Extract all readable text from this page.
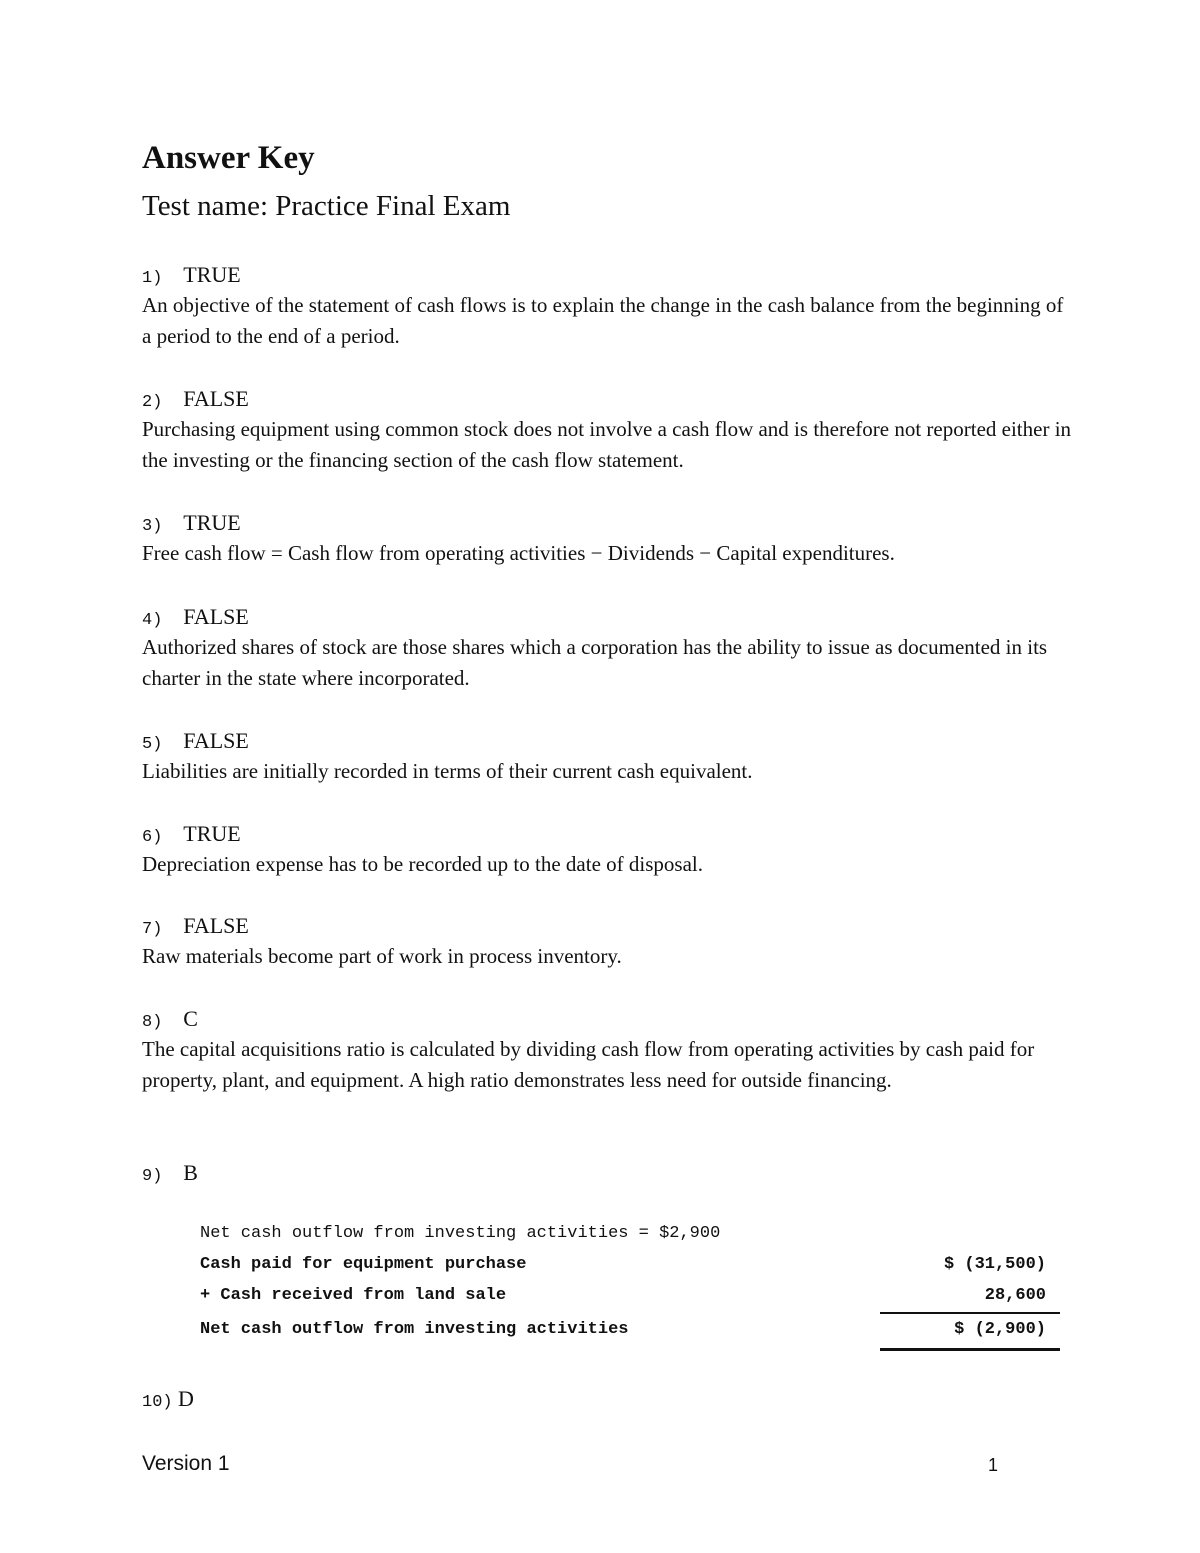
Answer Key
Test name: Practice Final Exam
1) TRUE
An objective of the statement of cash flows is to explain the change in the cash balance from the beginning of a period to the end of a period.
2) FALSE
Purchasing equipment using common stock does not involve a cash flow and is therefore not reported either in the investing or the financing section of the cash flow statement.
3) TRUE
Free cash flow = Cash flow from operating activities − Dividends − Capital expenditures.
4) FALSE
Authorized shares of stock are those shares which a corporation has the ability to issue as documented in its charter in the state where incorporated.
5) FALSE
Liabilities are initially recorded in terms of their current cash equivalent.
6) TRUE
Depreciation expense has to be recorded up to the date of disposal.
7) FALSE
Raw materials become part of work in process inventory.
8) C
The capital acquisitions ratio is calculated by dividing cash flow from operating activities by cash paid for property, plant, and equipment. A high ratio demonstrates less need for outside financing.
9) B
Net cash outflow from investing activities = $2,900
Cash paid for equipment purchase	$ (31,500)
+ Cash received from land sale	28,600
Net cash outflow from investing activities	$ (2,900)
10) D
Version 1	1
